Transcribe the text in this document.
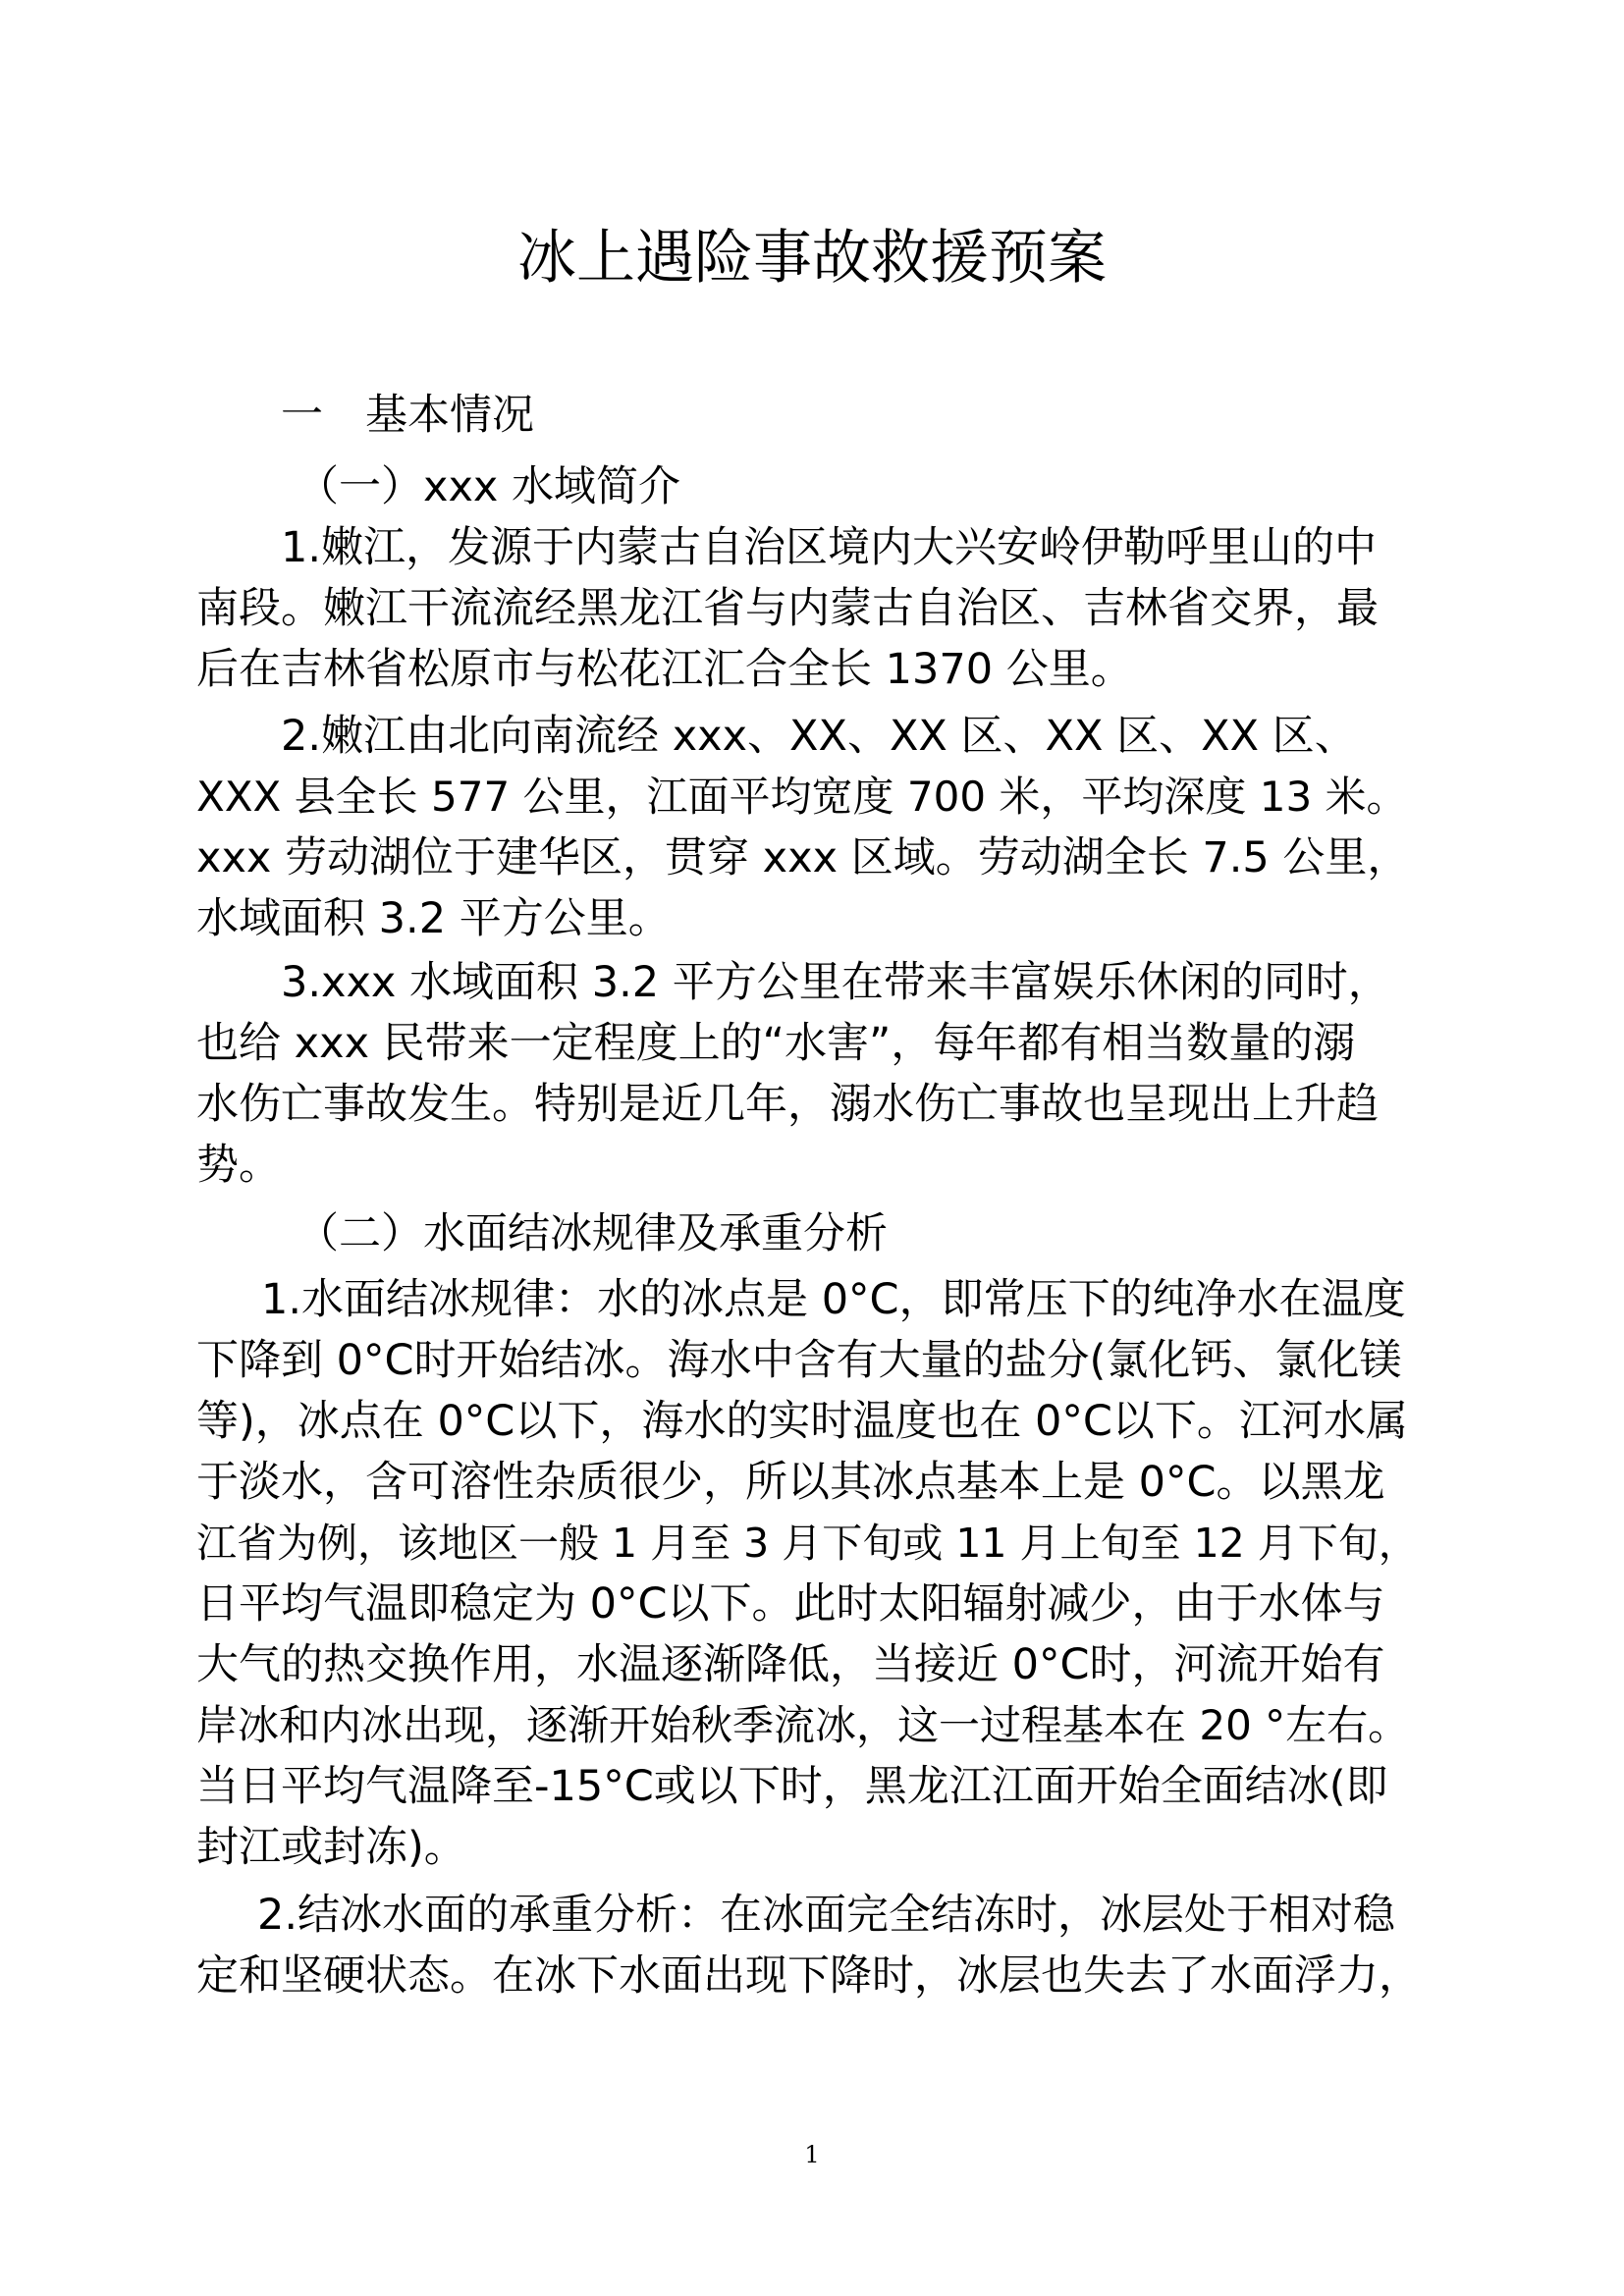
冰上遇险事故救援预案

一　基本情况

（一）xxx 水域简介

1.嫩江，发源于内蒙古自治区境内大兴安岭伊勒呼里山的中

南段。嫩江干流流经黑龙江省与内蒙古自治区、吉林省交界，最

后在吉林省松原市与松花江汇合全长 1370 公里。

2.嫩江由北向南流经 xxx、XX、XX 区、XX 区、XX 区、

XXX 县全长 577 公里，江面平均宽度 700 米，平均深度 13 米。

xxx 劳动湖位于建华区，贯穿 xxx 区域。劳动湖全长 7.5 公里，

水域面积 3.2 平方公里。

3.xxx 水域面积 3.2 平方公里在带来丰富娱乐休闲的同时，

也给 xxx 民带来一定程度上的“水害”，每年都有相当数量的溺

水伤亡事故发生。特别是近几年，溺水伤亡事故也呈现出上升趋

势。

（二）水面结冰规律及承重分析

1.水面结冰规律：水的冰点是 0°C，即常压下的纯净水在温度

下降到 0°C时开始结冰。海水中含有大量的盐分(氯化钙、氯化镁

等)，冰点在 0°C以下，海水的实时温度也在 0°C以下。江河水属

于淡水，含可溶性杂质很少，所以其冰点基本上是 0°C。以黑龙

江省为例，该地区一般 1 月至 3 月下旬或 11 月上旬至 12 月下旬，

日平均气温即稳定为 0°C以下。此时太阳辐射减少，由于水体与

大气的热交换作用，水温逐渐降低，当接近 0°C时，河流开始有

岸冰和内冰出现，逐渐开始秋季流冰，这一过程基本在 20 °左右。

当日平均气温降至-15°C或以下时，黑龙江江面开始全面结冰(即

封江或封冻)。

2.结冰水面的承重分析：在冰面完全结冻时，冰层处于相对稳

定和坚硬状态。在冰下水面出现下降时，冰层也失去了水面浮力，

1
